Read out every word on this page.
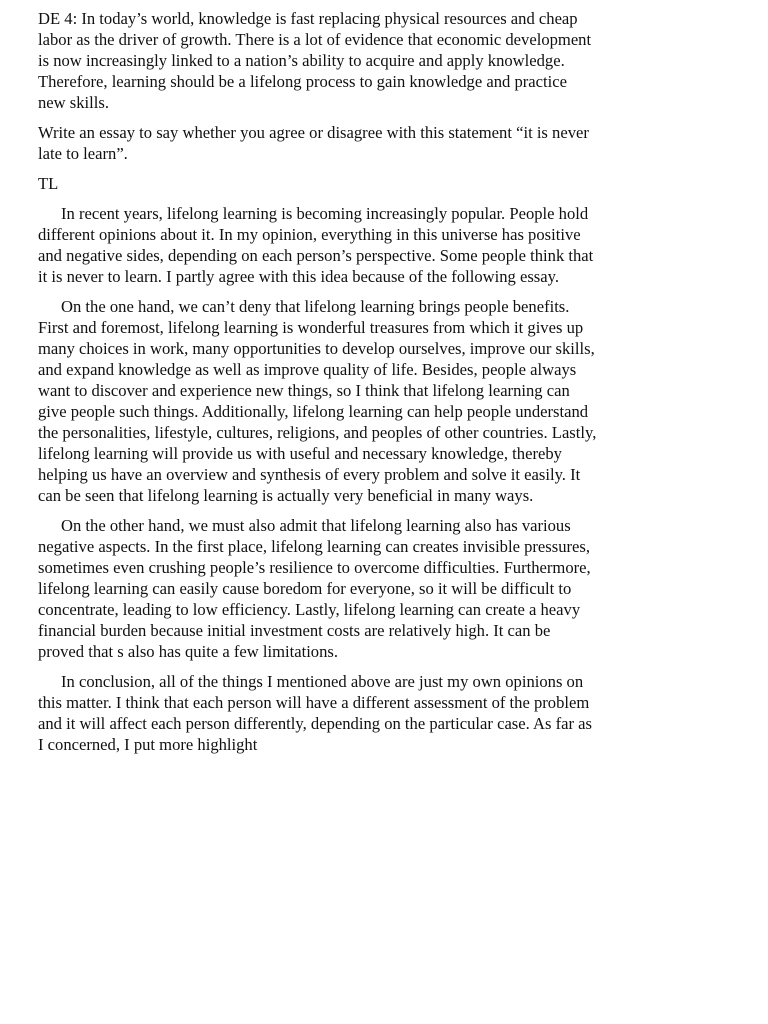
DE 4: In today’s world, knowledge is fast replacing physical resources and cheap labor as the driver of growth. There is a lot of evidence that economic development is now increasingly linked to a nation’s ability to acquire and apply knowledge. Therefore, learning should be a lifelong process to gain knowledge and practice new skills.

Write an essay to say whether you agree or disagree with this statement “it is never late to learn”.

TL

In recent years, lifelong learning is becoming increasingly popular. People hold different opinions about it. In my opinion, everything in this universe has positive and negative sides, depending on each person’s perspective. Some people think that it is never to learn. I partly agree with this idea because of the following essay.

On the one hand, we can’t deny that lifelong learning brings people benefits. First and foremost, lifelong learning is wonderful treasures from which it gives up many choices in work, many opportunities to develop ourselves, improve our skills, and expand knowledge as well as improve quality of life. Besides, people always want to discover and experience new things, so I think that lifelong learning can give people such things. Additionally, lifelong learning can help people understand the personalities, lifestyle, cultures, religions, and peoples of other countries. Lastly, lifelong learning will provide us with useful and necessary knowledge, thereby helping us have an overview and synthesis of every problem and solve it easily. It can be seen that lifelong learning is actually very beneficial in many ways.

On the other hand, we must also admit that lifelong learning also has various negative aspects. In the first place, lifelong learning can creates invisible pressures, sometimes even crushing people’s resilience to overcome difficulties. Furthermore, lifelong learning can easily cause boredom for everyone, so it will be difficult to concentrate, leading to low efficiency. Lastly, lifelong learning can create a heavy financial burden because initial investment costs are relatively high. It can be proved that s also has quite a few limitations.

In conclusion, all of the things I mentioned above are just my own opinions on this matter. I think that each person will have a different assessment of the problem and it will affect each person differently, depending on the particular case. As far as I concerned, I put more highlight
